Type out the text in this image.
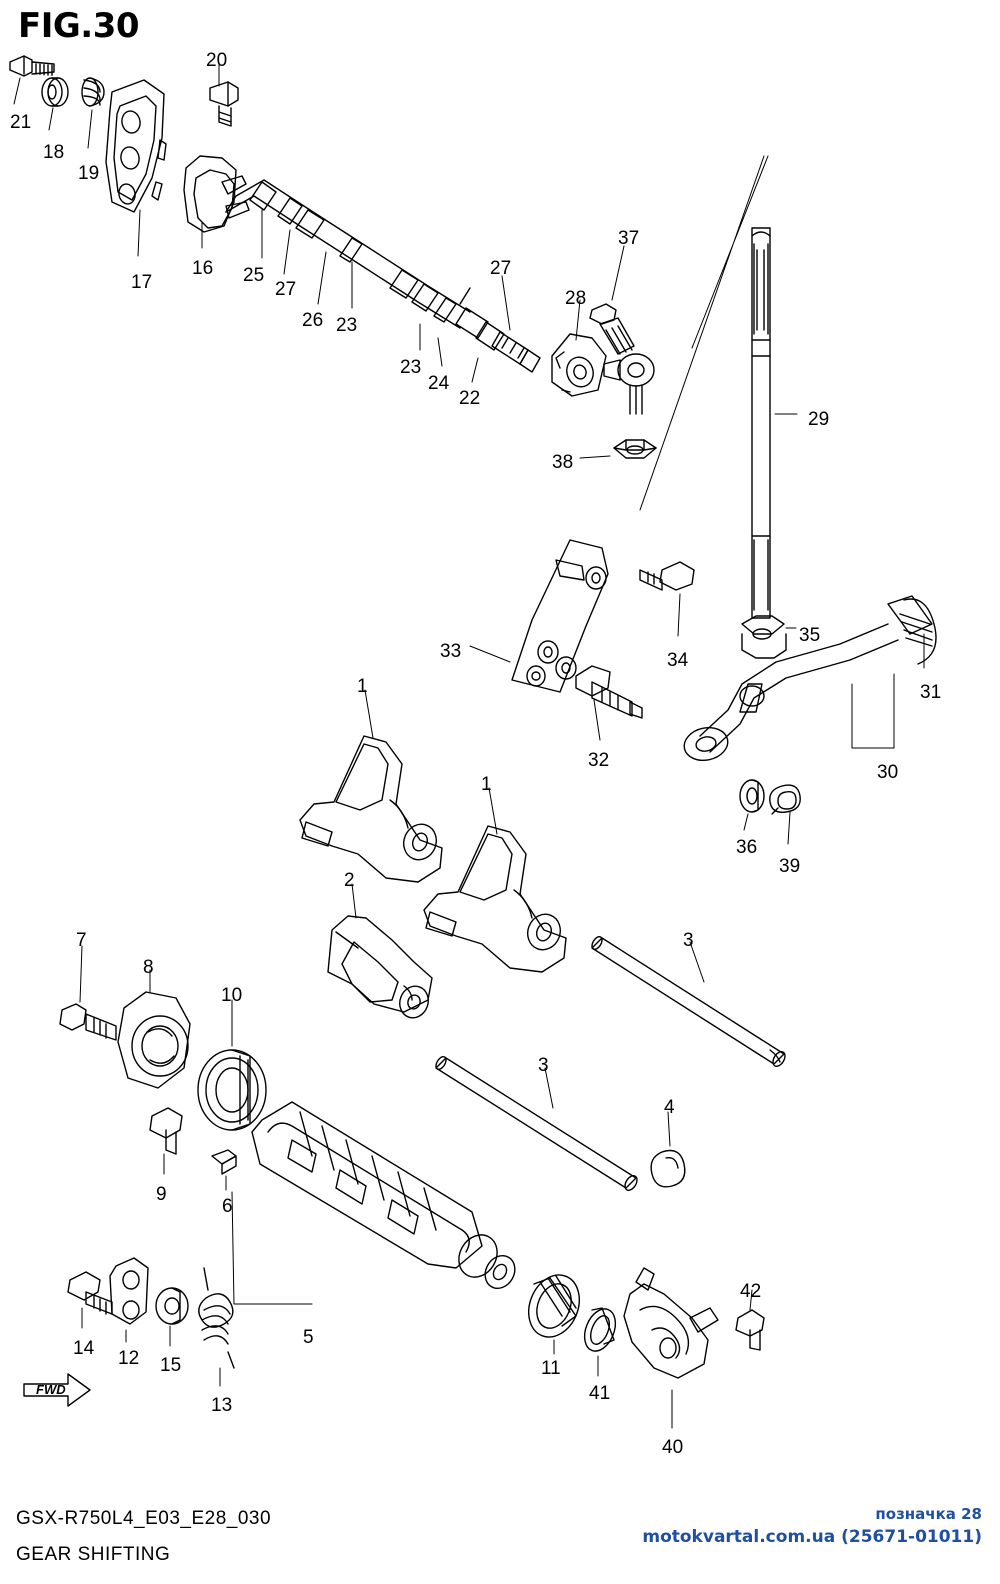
FIG.30
FWD
21
18
19
17
16 25
27
26 23
23
24
22
20
27
28
37
38
29
35
34
33
32
31
30
36
39
1
1
2
3
3
4
7
8
10
9
6
5
11
41
40
42
14 12 15
13
GSX-R750L4_E03_E28_030
GEAR SHIFTING
позначка 28
motokvartal.com.ua (25671-01011)
